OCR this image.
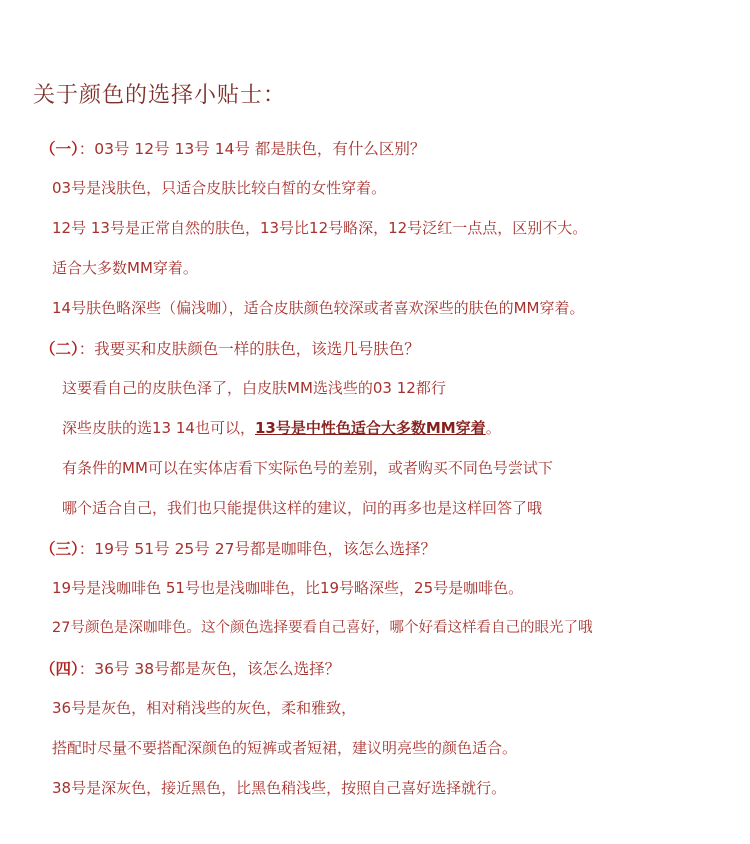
关于颜色的选择小贴士：
（一）：03号 12号 13号 14号 都是肤色，有什么区别？
03号是浅肤色，只适合皮肤比较白皙的女性穿着。
12号 13号是正常自然的肤色，13号比12号略深，12号泛红一点点，区别不大。
适合大多数MM穿着。
14号肤色略深些（偏浅咖），适合皮肤颜色较深或者喜欢深些的肤色的MM穿着。
（二）：我要买和皮肤颜色一样的肤色，该选几号肤色？
这要看自己的皮肤色泽了，白皮肤MM选浅些的03 12都行
深些皮肤的选13 14也可以，13号是中性色适合大多数MM穿着。
有条件的MM可以在实体店看下实际色号的差别，或者购买不同色号尝试下
哪个适合自己，我们也只能提供这样的建议，问的再多也是这样回答了哦
（三）：19号 51号 25号 27号都是咖啡色，该怎么选择？
19号是浅咖啡色 51号也是浅咖啡色，比19号略深些，25号是咖啡色。
27号颜色是深咖啡色。这个颜色选择要看自己喜好，哪个好看这样看自己的眼光了哦
（四）：36号 38号都是灰色，该怎么选择？
36号是灰色，相对稍浅些的灰色，柔和雅致，
搭配时尽量不要搭配深颜色的短裤或者短裙，建议明亮些的颜色适合。
38号是深灰色，接近黑色，比黑色稍浅些，按照自己喜好选择就行。
